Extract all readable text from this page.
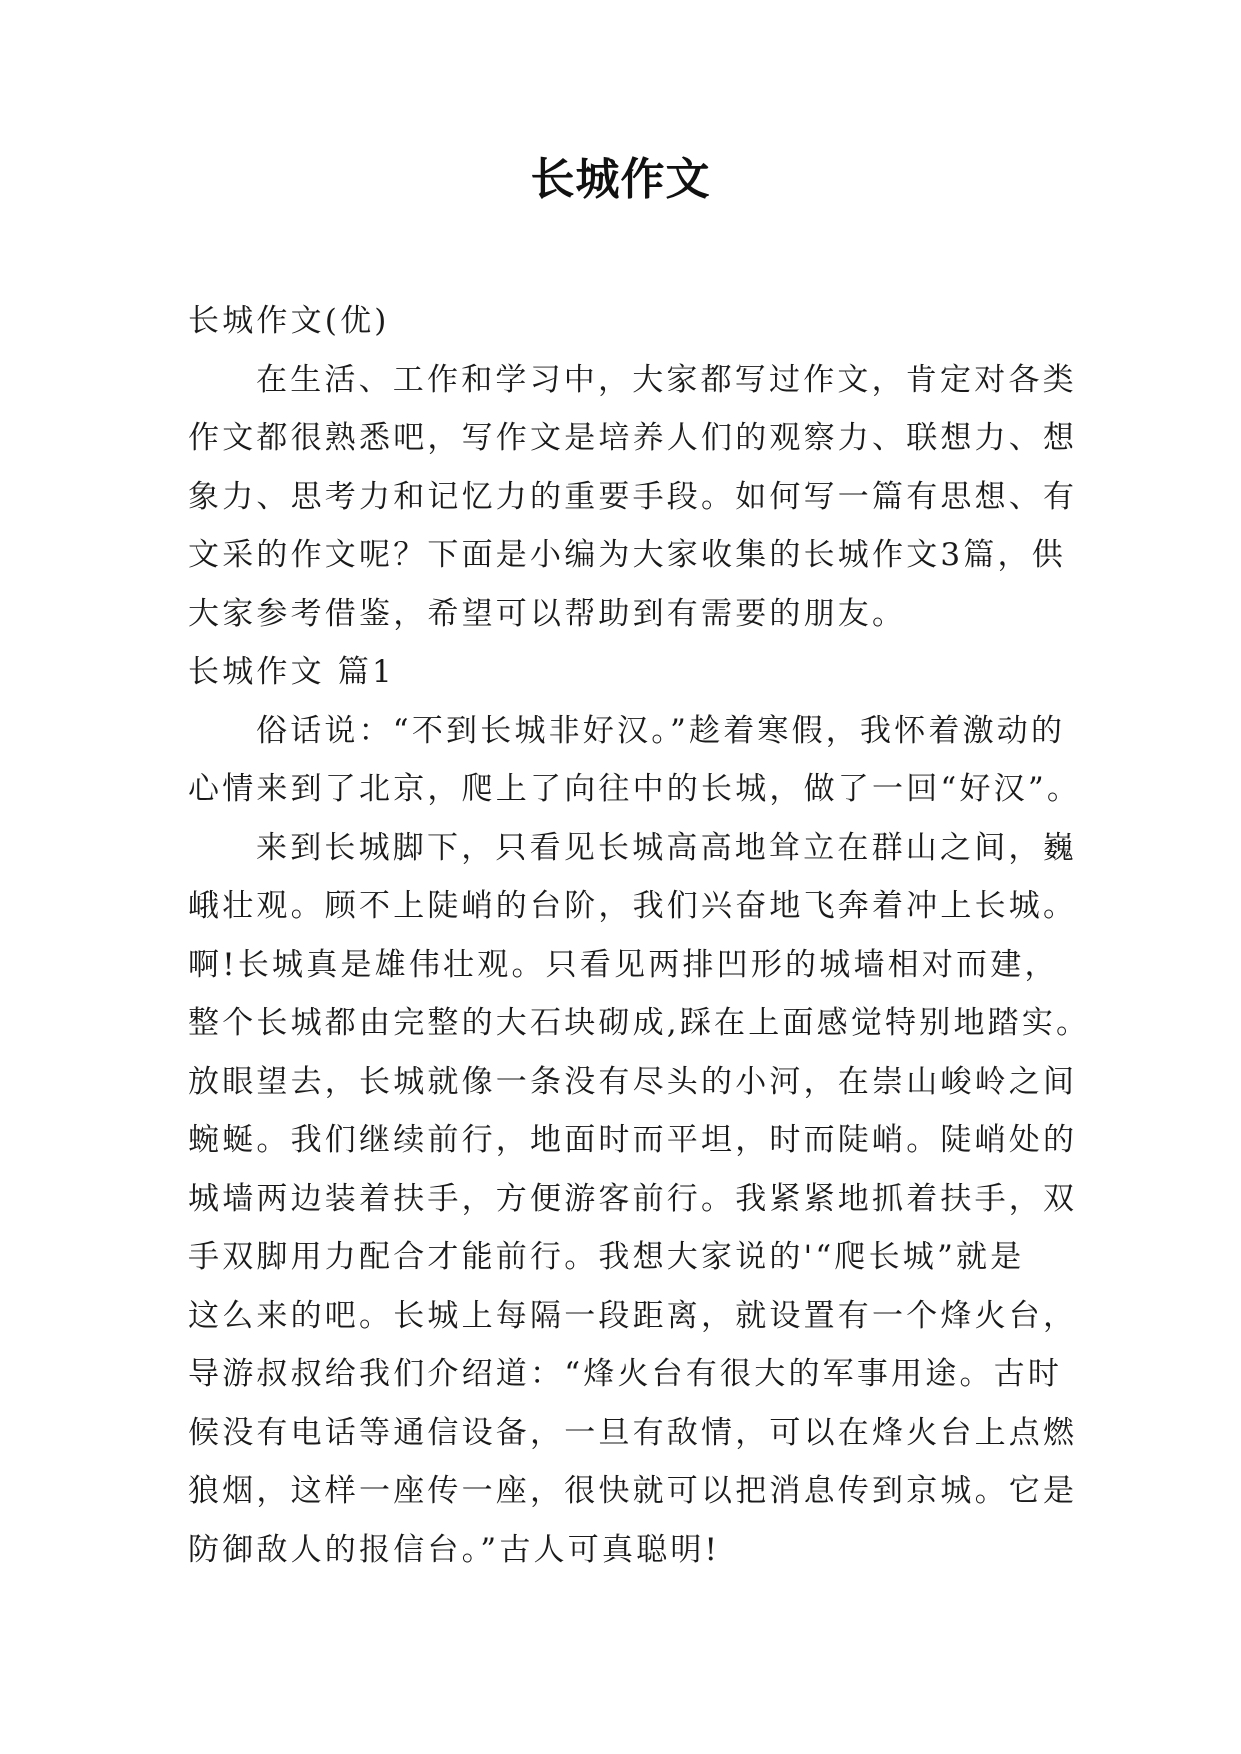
长城作文

长城作文(优)

在生活、工作和学习中，大家都写过作文，肯定对各类

作文都很熟悉吧，写作文是培养人们的观察力、联想力、想

象力、思考力和记忆力的重要手段。如何写一篇有思想、有

文采的作文呢？下面是小编为大家收集的长城作文3篇，供

大家参考借鉴，希望可以帮助到有需要的朋友。

长城作文 篇1

俗话说：“不到长城非好汉。”趁着寒假，我怀着激动的

心情来到了北京，爬上了向往中的长城，做了一回“好汉”。

来到长城脚下，只看见长城高高地耸立在群山之间，巍

峨壮观。顾不上陡峭的台阶，我们兴奋地飞奔着冲上长城。

啊!长城真是雄伟壮观。只看见两排凹形的城墙相对而建，

整个长城都由完整的大石块砌成,踩在上面感觉特别地踏实。

放眼望去，长城就像一条没有尽头的小河，在崇山峻岭之间

蜿蜒。我们继续前行，地面时而平坦，时而陡峭。陡峭处的

城墙两边装着扶手，方便游客前行。我紧紧地抓着扶手，双

手双脚用力配合才能前行。我想大家说的'“爬长城”就是

这么来的吧。长城上每隔一段距离，就设置有一个烽火台，

导游叔叔给我们介绍道：“烽火台有很大的军事用途。古时

候没有电话等通信设备，一旦有敌情，可以在烽火台上点燃

狼烟，这样一座传一座，很快就可以把消息传到京城。它是

防御敌人的报信台。”古人可真聪明!
